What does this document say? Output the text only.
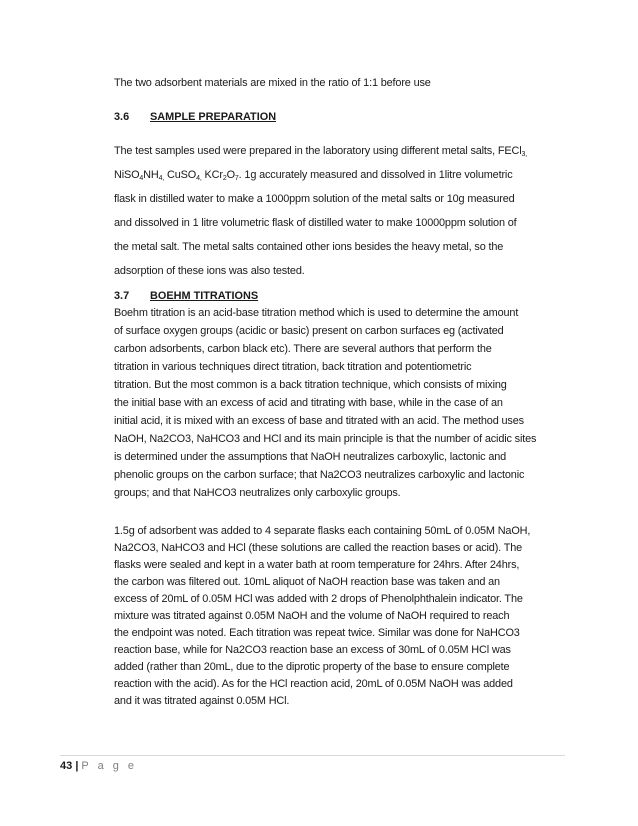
The two adsorbent materials are mixed in the ratio of 1:1 before use
3.6 SAMPLE PREPARATION
The test samples used were prepared in the laboratory using different metal salts, FECl$_{3,}$
$NiSO_4NH_{4,}$ CuSO$_{4,}$ $KCr_2O_7$. 1g accurately measured and dissolved in 1litre volumetric
flask in distilled water to make a 1000ppm solution of the metal salts or 10g measured
and dissolved in 1 litre volumetric flask of distilled water to make 10000ppm solution of
the metal salt. The metal salts contained other ions besides the heavy metal, so the
adsorption of these ions was also tested.
3.7 BOEHM TITRATIONS
Boehm titration is an acid-base titration method which is used to determine the amount
of surface oxygen groups (acidic or basic) present on carbon surfaces eg (activated
carbon adsorbents, carbon black etc). There are several authors that perform the
titration in various techniques direct titration, back titration and potentiometric
titration. But the most common is a back titration technique, which consists of mixing
the initial base with an excess of acid and titrating with base, while in the case of an
initial acid, it is mixed with an excess of base and titrated with an acid. The method uses
NaOH, Na2CO3, NaHCO3 and HCl and its main principle is that the number of acidic sites
is determined under the assumptions that NaOH neutralizes carboxylic, lactonic and
phenolic groups on the carbon surface; that Na2CO3 neutralizes carboxylic and lactonic
groups; and that NaHCO3 neutralizes only carboxylic groups.
1.5g of adsorbent was added to 4 separate flasks each containing 50mL of 0.05M NaOH,
Na2CO3, NaHCO3 and HCl (these solutions are called the reaction bases or acid). The
flasks were sealed and kept in a water bath at room temperature for 24hrs. After 24hrs,
the carbon was filtered out. 10mL aliquot of NaOH reaction base was taken and an
excess of 20mL of 0.05M HCl was added with 2 drops of Phenolphthalein indicator. The
mixture was titrated against 0.05M NaOH and the volume of NaOH required to reach
the endpoint was noted. Each titration was repeat twice. Similar was done for NaHCO3
reaction base, while for Na2CO3 reaction base an excess of 30mL of 0.05M HCl was
added (rather than 20mL, due to the diprotic property of the base to ensure complete
reaction with the acid). As for the HCl reaction acid, 20mL of 0.05M NaOH was added
and it was titrated against 0.05M HCl.
43 | P a g e
